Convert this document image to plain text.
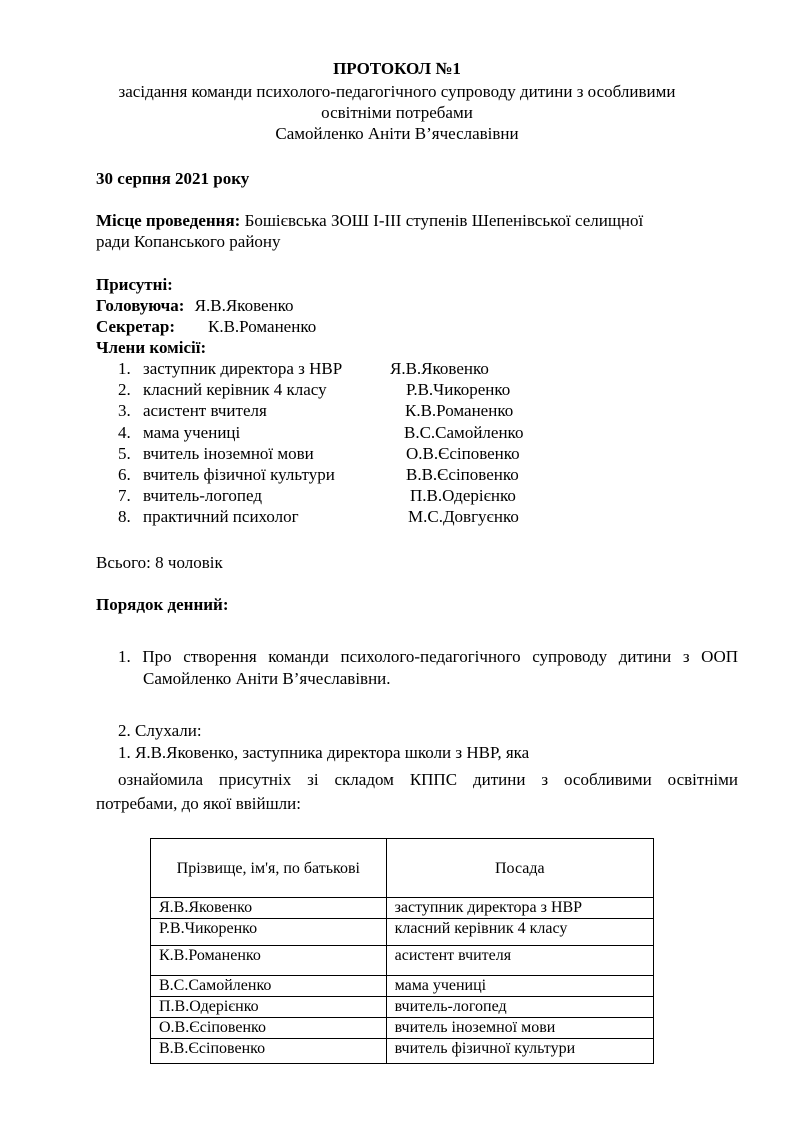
ПРОТОКОЛ №1
засідання команди психолого-педагогічного супроводу дитини з особливими
освітніми потребами
Самойленко Аніти В’ячеславівни
30 серпня 2021 року
Місце проведення: Бошієвська ЗОШ І-ІІІ ступенів Шепенівської селищної
ради Копанського району
Присутні:
Головуюча: Я.В.Яковенко
Секретар: К.В.Романенко
Члени комісії:
1. заступник директора з НВР	Я.В.Яковенко
2. класний керівник 4 класу	Р.В.Чикоренко
3. асистент вчителя	К.В.Романенко
4. мама учениці	В.С.Самойленко
5. вчитель іноземної мови	О.В.Єсіповенко
6. вчитель фізичної культури	В.В.Єсіповенко
7. вчитель-логопед	П.В.Одерієнко
8. практичний психолог	М.С.Довгуєнко
Всього: 8 чоловік
Порядок денний:
1. Про створення команди психолого-педагогічного супроводу дитини з ООП
Самойленко Аніти В’ячеславівни.
2. Слухали:
1. Я.В.Яковенко, заступника директора школи з НВР, яка
ознайомила присутніх зі складом КППС дитини з особливими освітніми
потребами, до якої ввійшли:
Прізвище, ім'я, по батькові	Посада
Я.В.Яковенко	заступник директора з НВР
Р.В.Чикоренко	класний керівник 4 класу
К.В.Романенко	асистент вчителя
В.С.Самойленко	мама учениці
П.В.Одерієнко	вчитель-логопед
О.В.Єсіповенко	вчитель іноземної мови
В.В.Єсіповенко	вчитель фізичної культури
